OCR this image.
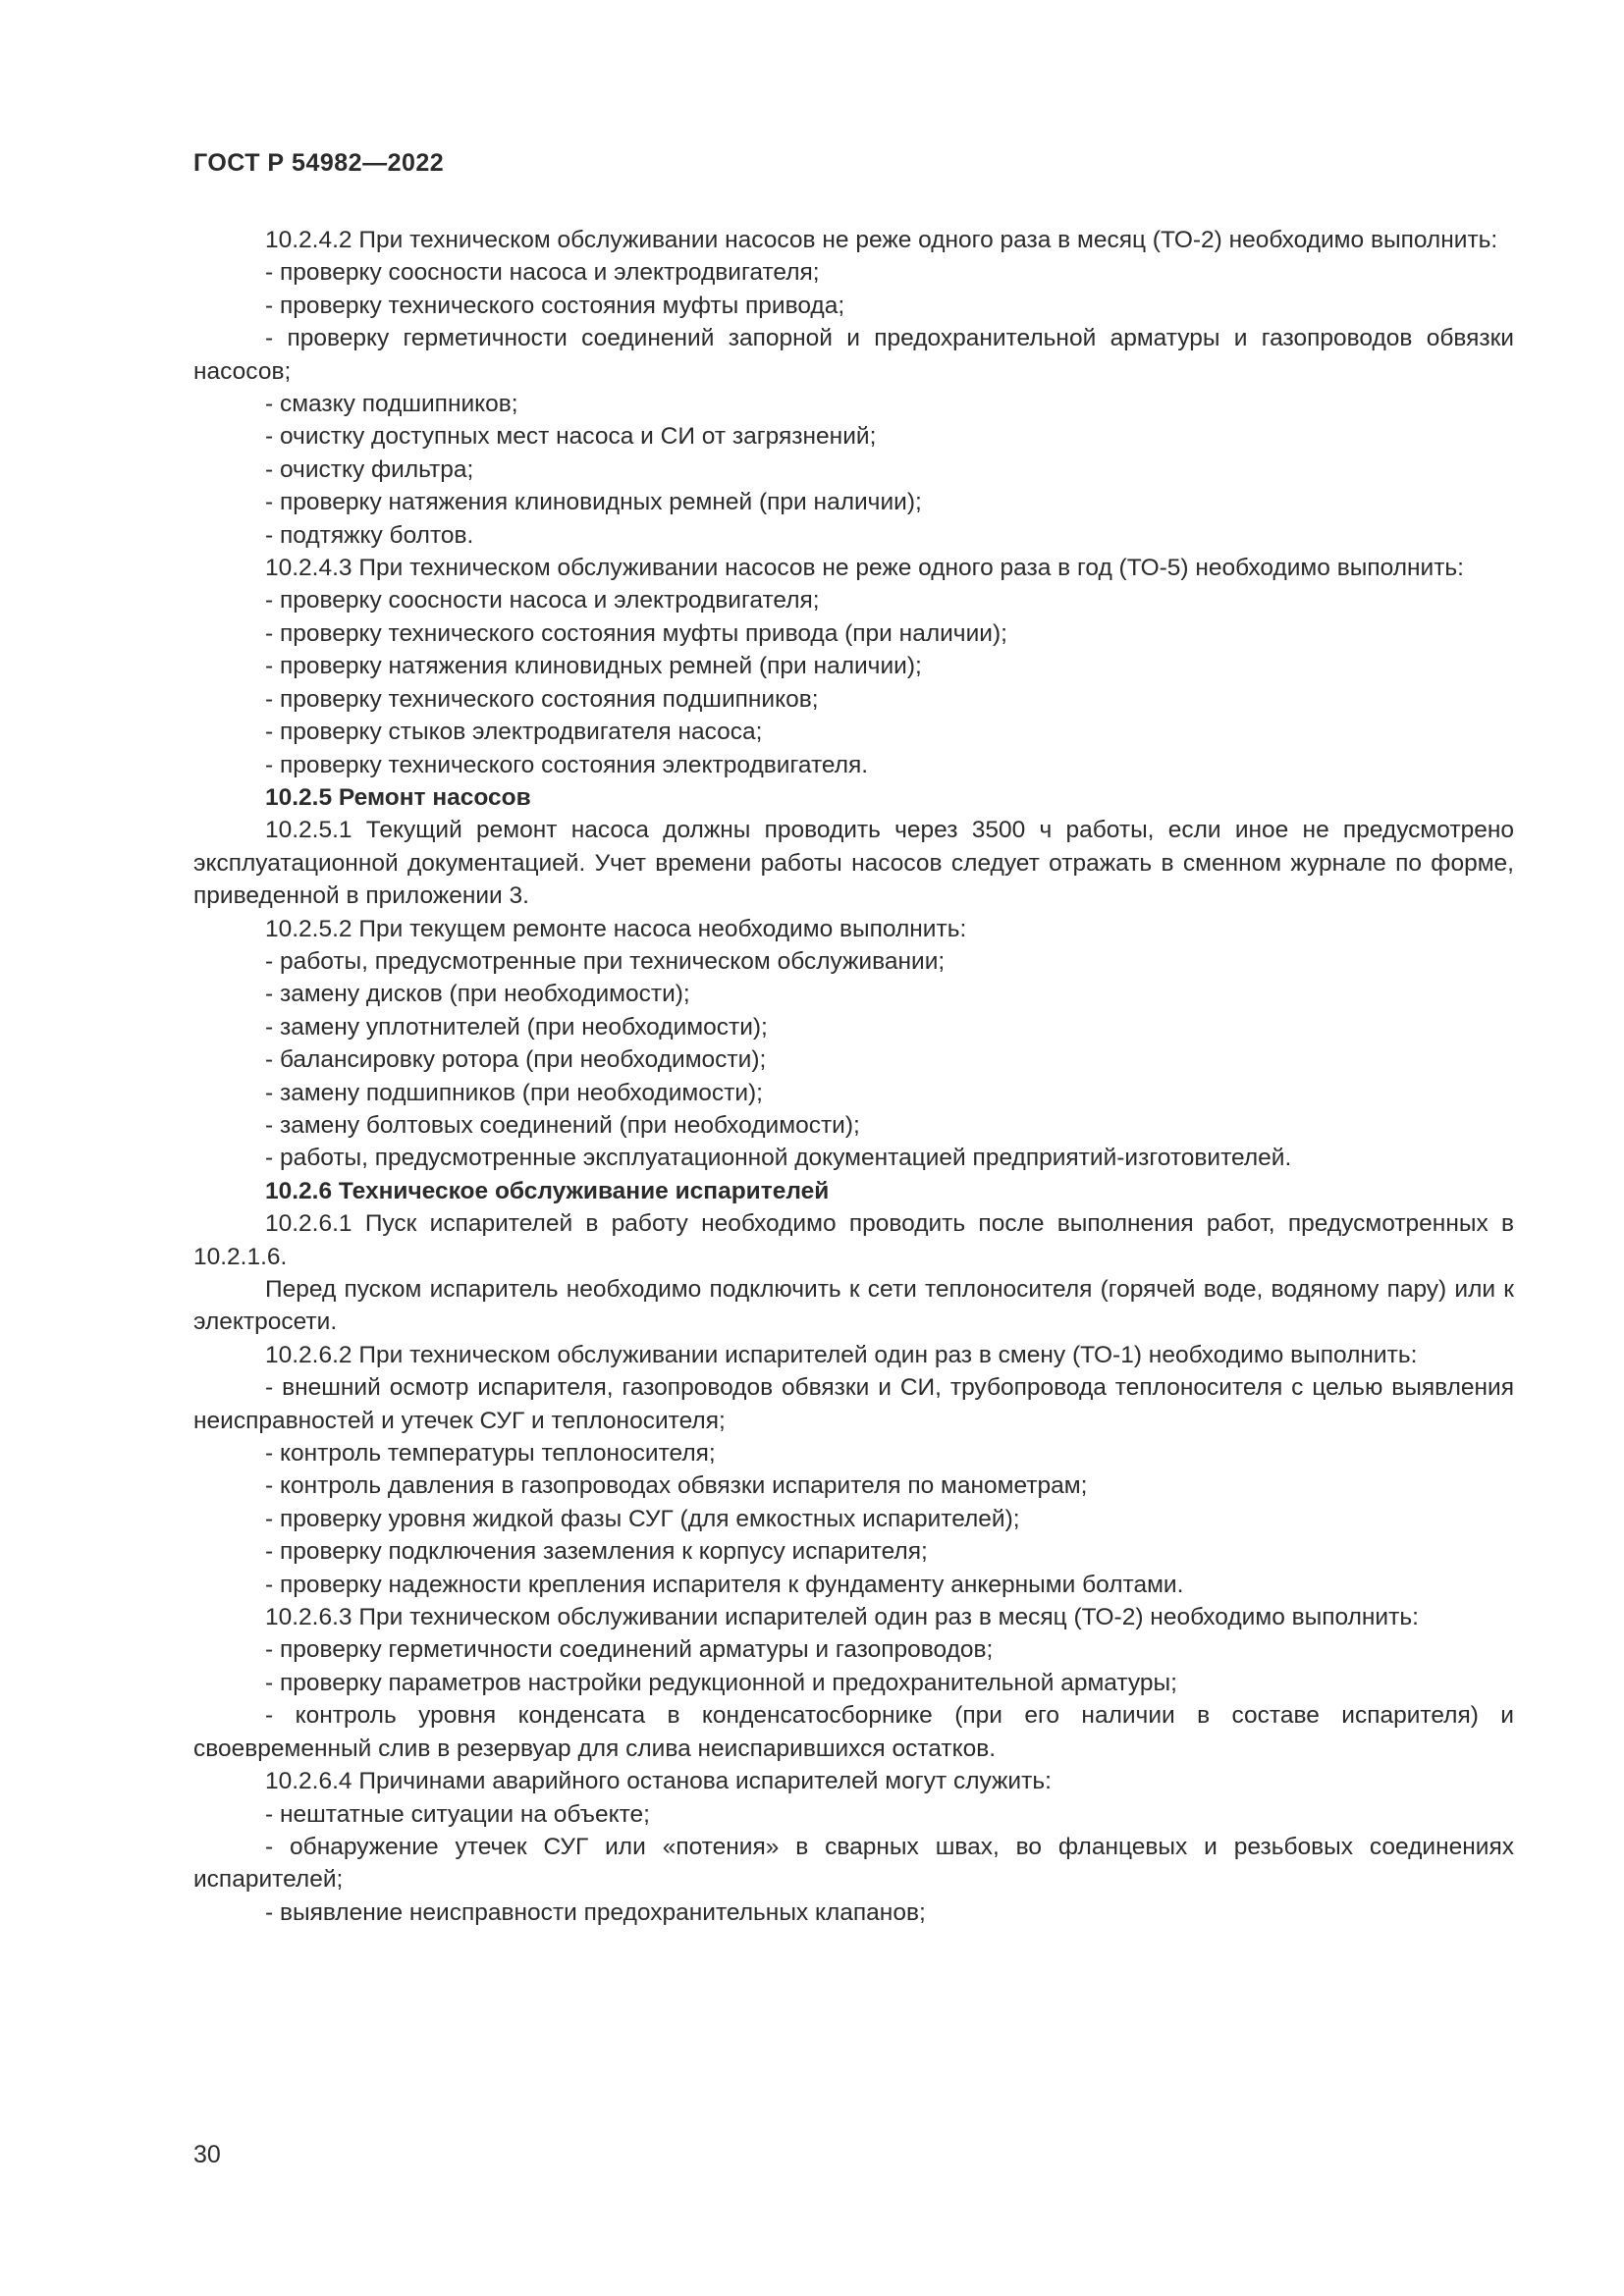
ГОСТ Р 54982—2022

10.2.4.2 При техническом обслуживании насосов не реже одного раза в месяц (ТО-2) необходимо выполнить:

- проверку соосности насоса и электродвигателя;

- проверку технического состояния муфты привода;

- проверку герметичности соединений запорной и предохранительной арматуры и газопроводов обвязки насосов;

- смазку подшипников;

- очистку доступных мест насоса и СИ от загрязнений;

- очистку фильтра;

- проверку натяжения клиновидных ремней (при наличии);

- подтяжку болтов.

10.2.4.3 При техническом обслуживании насосов не реже одного раза в год (ТО-5) необходимо выполнить:

- проверку соосности насоса и электродвигателя;

- проверку технического состояния муфты привода (при наличии);

- проверку натяжения клиновидных ремней (при наличии);

- проверку технического состояния подшипников;

- проверку стыков электродвигателя насоса;

- проверку технического состояния электродвигателя.

10.2.5 Ремонт насосов

10.2.5.1 Текущий ремонт насоса должны проводить через 3500 ч работы, если иное не предусмотрено эксплуатационной документацией. Учет времени работы насосов следует отражать в сменном журнале по форме, приведенной в приложении 3.

10.2.5.2 При текущем ремонте насоса необходимо выполнить:

- работы, предусмотренные при техническом обслуживании;

- замену дисков (при необходимости);

- замену уплотнителей (при необходимости);

- балансировку ротора (при необходимости);

- замену подшипников (при необходимости);

- замену болтовых соединений (при необходимости);

- работы, предусмотренные эксплуатационной документацией предприятий-изготовителей.

10.2.6 Техническое обслуживание испарителей

10.2.6.1 Пуск испарителей в работу необходимо проводить после выполнения работ, предусмотренных в 10.2.1.6.

Перед пуском испаритель необходимо подключить к сети теплоносителя (горячей воде, водяному пару) или к электросети.

10.2.6.2 При техническом обслуживании испарителей один раз в смену (ТО-1) необходимо выполнить:

- внешний осмотр испарителя, газопроводов обвязки и СИ, трубопровода теплоносителя с целью выявления неисправностей и утечек СУГ и теплоносителя;

- контроль температуры теплоносителя;

- контроль давления в газопроводах обвязки испарителя по манометрам;

- проверку уровня жидкой фазы СУГ (для емкостных испарителей);

- проверку подключения заземления к корпусу испарителя;

- проверку надежности крепления испарителя к фундаменту анкерными болтами.

10.2.6.3 При техническом обслуживании испарителей один раз в месяц (ТО-2) необходимо выполнить:

- проверку герметичности соединений арматуры и газопроводов;

- проверку параметров настройки редукционной и предохранительной арматуры;

- контроль уровня конденсата в конденсатосборнике (при его наличии в составе испарителя) и своевременный слив в резервуар для слива неиспарившихся остатков.

10.2.6.4 Причинами аварийного останова испарителей могут служить:

- нештатные ситуации на объекте;

- обнаружение утечек СУГ или «потения» в сварных швах, во фланцевых и резьбовых соединениях испарителей;

- выявление неисправности предохранительных клапанов;

30
